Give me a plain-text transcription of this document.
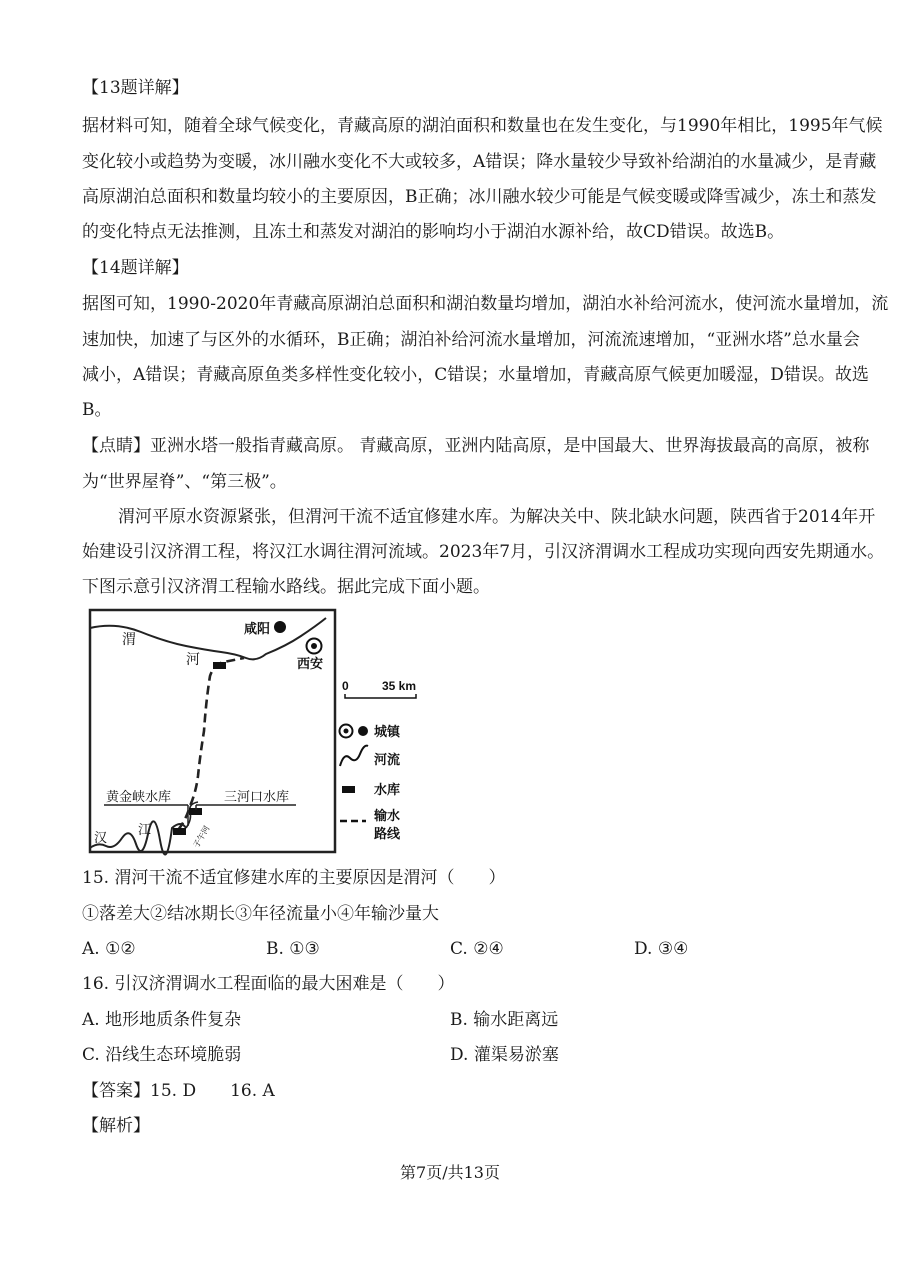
【13题详解】
据材料可知，随着全球气候变化，青藏高原的湖泊面积和数量也在发生变化，与1990年相比，1995年气候
变化较小或趋势为变暖，冰川融水变化不大或较多，A错误；降水量较少导致补给湖泊的水量减少，是青藏
高原湖泊总面积和数量均较小的主要原因，B正确；冰川融水较少可能是气候变暖或降雪减少，冻土和蒸发
的变化特点无法推测，且冻土和蒸发对湖泊的影响均小于湖泊水源补给，故CD错误。故选B。
【14题详解】
据图可知，1990-2020年青藏高原湖泊总面积和湖泊数量均增加，湖泊水补给河流水，使河流水量增加，流
速加快，加速了与区外的水循环，B正确；湖泊补给河流水量增加，河流流速增加，“亚洲水塔”总水量会
减小，A错误；青藏高原鱼类多样性变化较小，C错误；水量增加，青藏高原气候更加暖湿，D错误。故选
B。
【点睛】亚洲水塔一般指青藏高原。 青藏高原，亚洲内陆高原，是中国最大、世界海拔最高的高原，被称
为“世界屋脊”、“第三极”。
渭河平原水资源紧张，但渭河干流不适宜修建水库。为解决关中、陕北缺水问题，陕西省于2014年开
始建设引汉济渭工程，将汉江水调往渭河流域。2023年7月，引汉济渭调水工程成功实现向西安先期通水。
下图示意引汉济渭工程输水路线。据此完成下面小题。
渭
河
咸阳
西安
黄金峡水库	三河口水库
汉
江	子午河
0	35 km
城镇
河流
水库
输水
路线
15. 渭河干流不适宜修建水库的主要原因是渭河（　　）
①落差大②结冰期长③年径流量小④年输沙量大
A. ①②	B. ①③	C. ②④	D. ③④
16. 引汉济渭调水工程面临的最大困难是（　　）
A. 地形地质条件复杂	B. 输水距离远
C. 沿线生态环境脆弱	D. 灌渠易淤塞
【答案】15. D　　16. A
【解析】
第7页/共13页
